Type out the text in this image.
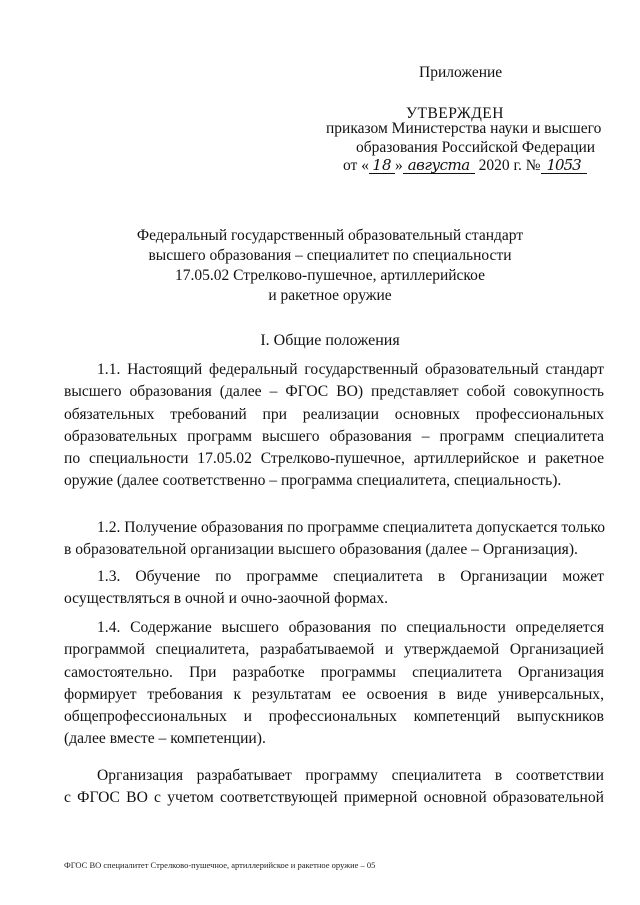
Приложение
УТВЕРЖДЕН
приказом Министерства науки и высшего
образования Российской Федерации
от « 18 » августа 2020 г. № 1053
Федеральный государственный образовательный стандарт
высшего образования – специалитет по специальности
17.05.02 Стрелково-пушечное, артиллерийское
и ракетное оружие
I. Общие положения
1.1. Настоящий федеральный государственный образовательный стандарт
высшего образования (далее – ФГОС ВО) представляет собой совокупность
обязательных требований при реализации основных профессиональных
образовательных программ высшего образования – программ специалитета
по специальности 17.05.02 Стрелково-пушечное, артиллерийское и ракетное
оружие (далее соответственно – программа специалитета, специальность).
1.2. Получение образования по программе специалитета допускается только
в образовательной организации высшего образования (далее – Организация).
1.3. Обучение по программе специалитета в Организации может
осуществляться в очной и очно-заочной формах.
1.4. Содержание высшего образования по специальности определяется
программой специалитета, разрабатываемой и утверждаемой Организацией
самостоятельно. При разработке программы специалитета Организация
формирует требования к результатам ее освоения в виде универсальных,
общепрофессиональных и профессиональных компетенций выпускников
(далее вместе – компетенции).
Организация разрабатывает программу специалитета в соответствии
с ФГОС ВО с учетом соответствующей примерной основной образовательной
ФГОС ВО специалитет Стрелково-пушечное, артиллерийское и ракетное оружие – 05
